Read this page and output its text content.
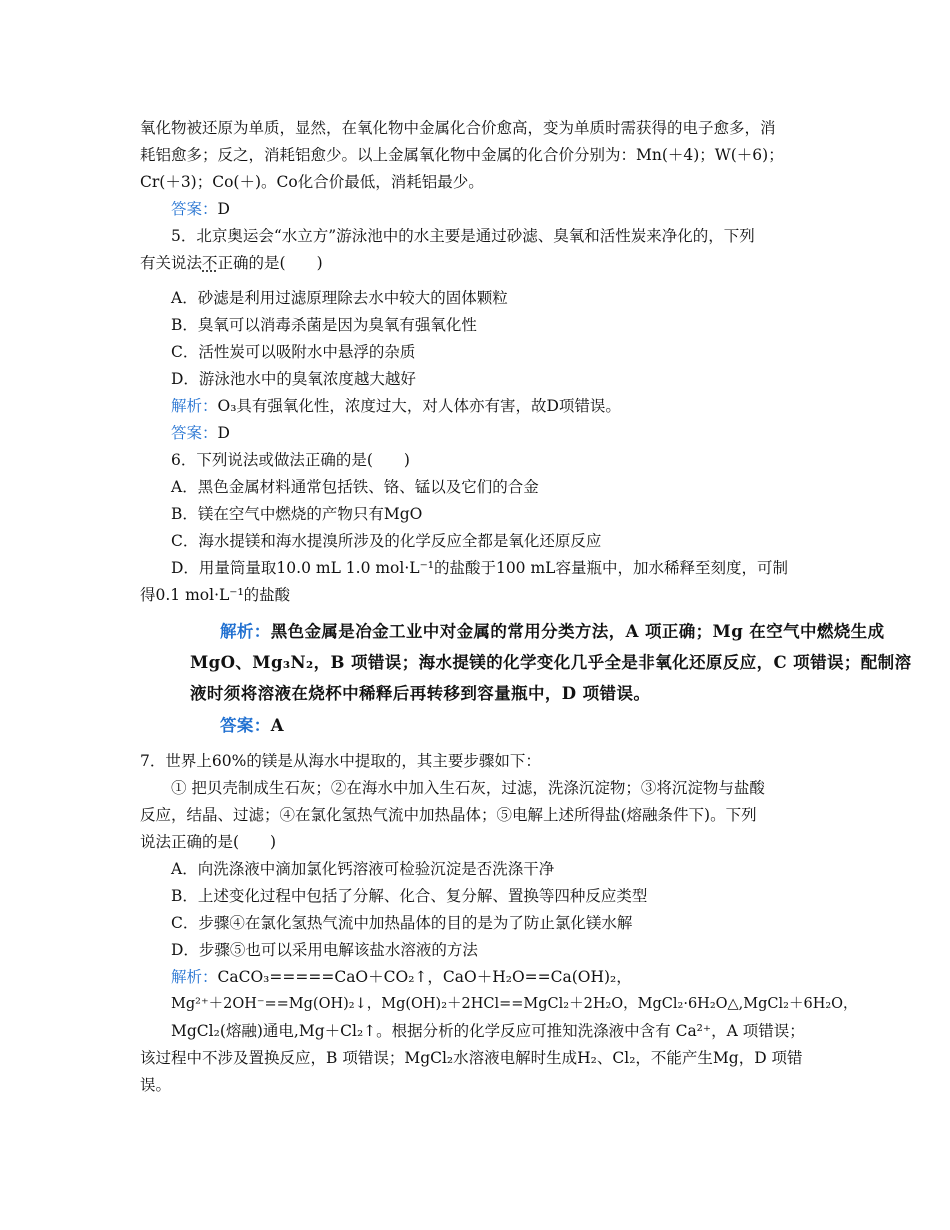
氧化物被还原为单质，显然，在氧化物中金属化合价愈高，变为单质时需获得的电子愈多，消
耗铝愈多；反之，消耗铝愈少。以上金属氧化物中金属的化合价分别为：Mn(＋4)；W(＋6)；
Cr(＋3)；Co(＋)。Co化合价最低，消耗铝最少。
答案：D
5．北京奥运会“水立方”游泳池中的水主要是通过砂滤、臭氧和活性炭来净化的，下列
有关说法不正确的是(　　)
A．砂滤是利用过滤原理除去水中较大的固体颗粒
B．臭氧可以消毒杀菌是因为臭氧有强氧化性
C．活性炭可以吸附水中悬浮的杂质
D．游泳池水中的臭氧浓度越大越好
解析：O₃具有强氧化性，浓度过大，对人体亦有害，故D项错误。
答案：D
6．下列说法或做法正确的是(　　)
A．黑色金属材料通常包括铁、铬、锰以及它们的合金
B．镁在空气中燃烧的产物只有MgO
C．海水提镁和海水提溴所涉及的化学反应全都是氧化还原反应
D．用量筒量取10.0 mL 1.0 mol·L⁻¹的盐酸于100 mL容量瓶中，加水稀释至刻度，可制
得0.1 mol·L⁻¹的盐酸
解析：黑色金属是冶金工业中对金属的常用分类方法，A 项正确；Mg 在空气中燃烧生成
MgO、Mg₃N₂，B 项错误；海水提镁的化学变化几乎全是非氧化还原反应，C 项错误；配制溶
液时须将溶液在烧杯中稀释后再转移到容量瓶中，D 项错误。
答案：A
7．世界上60%的镁是从海水中提取的，其主要步骤如下：
① 把贝壳制成生石灰；②在海水中加入生石灰，过滤，洗涤沉淀物；③将沉淀物与盐酸
反应，结晶、过滤；④在氯化氢热气流中加热晶体；⑤电解上述所得盐(熔融条件下)。下列
说法正确的是(　　)
A．向洗涤液中滴加氯化钙溶液可检验沉淀是否洗涤干净
B．上述变化过程中包括了分解、化合、复分解、置换等四种反应类型
C．步骤④在氯化氢热气流中加热晶体的目的是为了防止氯化镁水解
D．步骤⑤也可以采用电解该盐水溶液的方法
解析：CaCO₃=====CaO＋CO₂↑，CaO＋H₂O==Ca(OH)₂，
Mg²⁺＋2OH⁻==Mg(OH)₂↓，Mg(OH)₂＋2HCl==MgCl₂＋2H₂O，MgCl₂·6H₂O△,MgCl₂＋6H₂O，
MgCl₂(熔融)通电,Mg＋Cl₂↑。根据分析的化学反应可推知洗涤液中含有 Ca²⁺，A 项错误；
该过程中不涉及置换反应，B 项错误；MgCl₂水溶液电解时生成H₂、Cl₂，不能产生Mg，D 项错
误。
